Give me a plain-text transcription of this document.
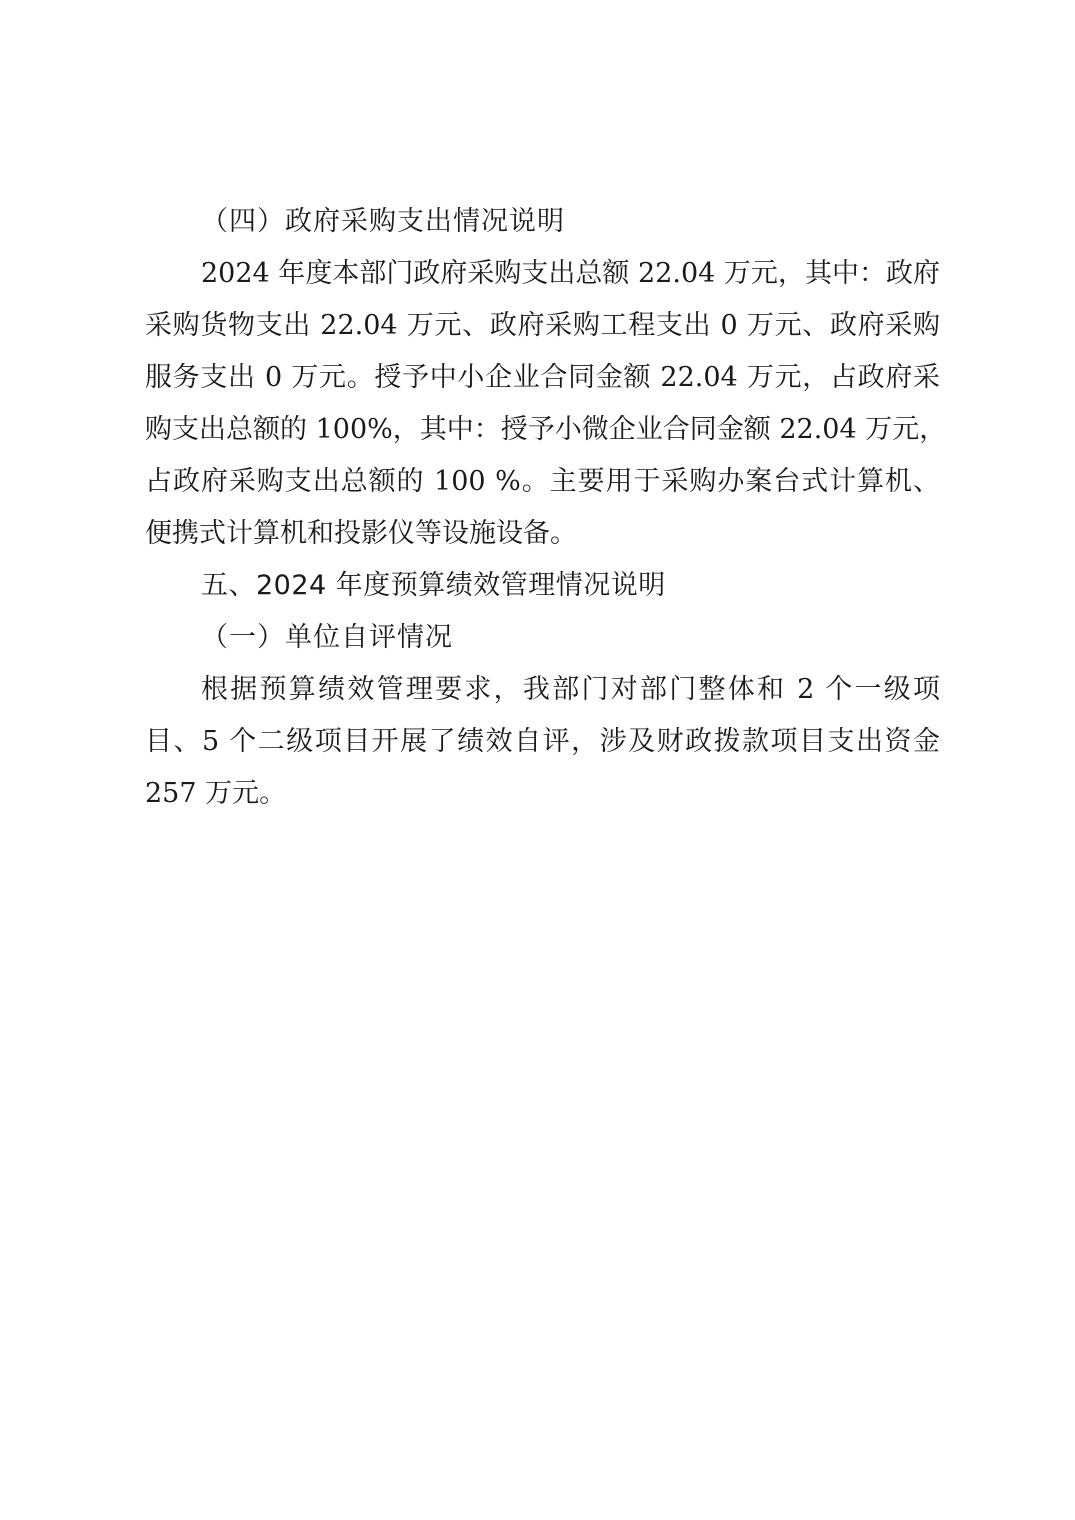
（四）政府采购支出情况说明
2024 年度本部门政府采购支出总额 22.04 万元，其中：政府
采购货物支出 22.04 万元、政府采购工程支出 0 万元、政府采购
服务支出 0 万元。授予中小企业合同金额 22.04 万元，占政府采
购支出总额的 100%，其中：授予小微企业合同金额 22.04 万元，
占政府采购支出总额的 100 %。主要用于采购办案台式计算机、
便携式计算机和投影仪等设施设备。
五、2024 年度预算绩效管理情况说明
（一）单位自评情况
根据预算绩效管理要求，我部门对部门整体和 2 个一级项
目、5 个二级项目开展了绩效自评，涉及财政拨款项目支出资金
257 万元。
